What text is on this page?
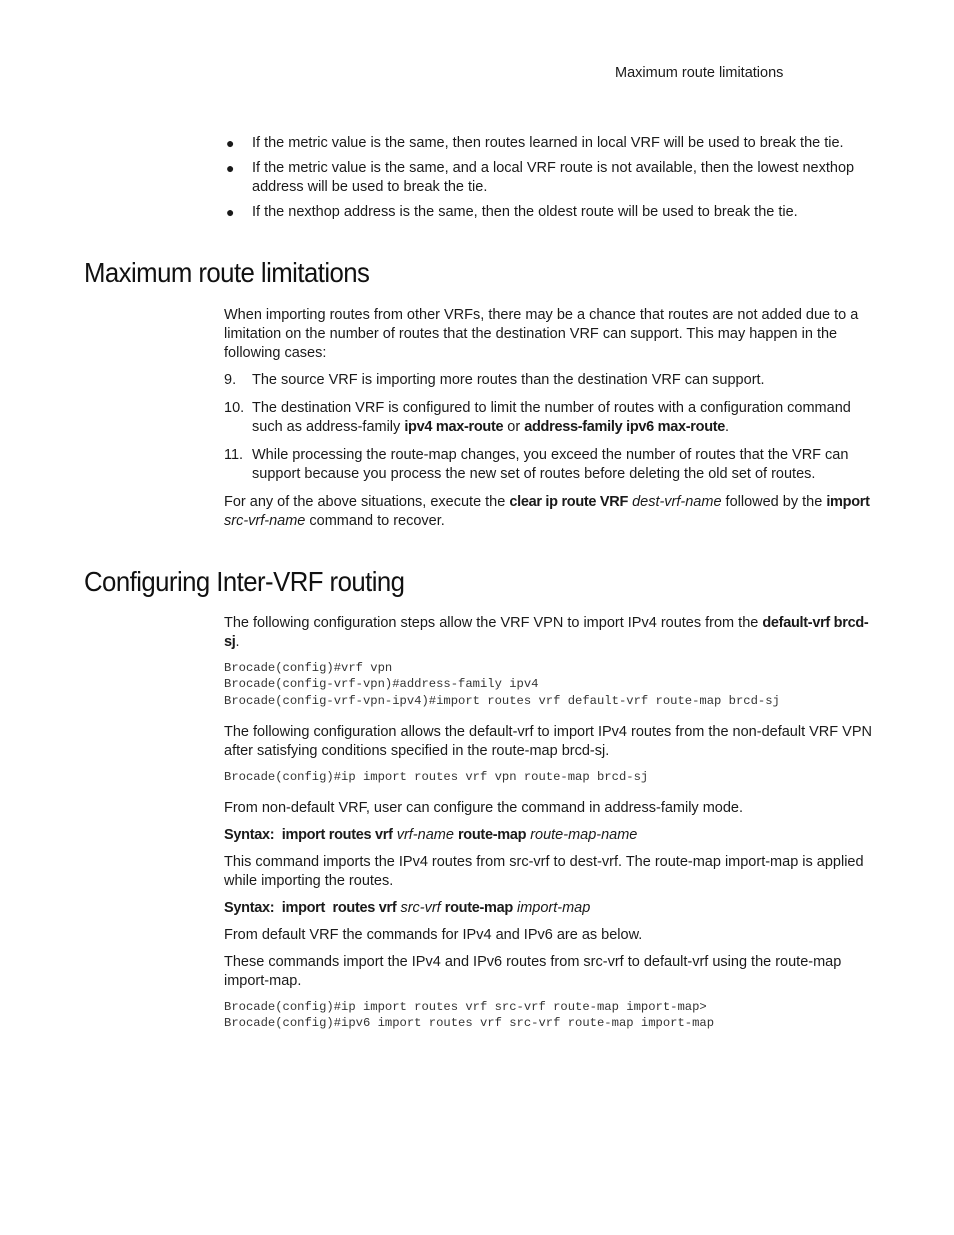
Maximum route limitations
● If the metric value is the same, then routes learned in local VRF will be used to break the tie.
● If the metric value is the same, and a local VRF route is not available, then the lowest nexthop address will be used to break the tie.
● If the nexthop address is the same, then the oldest route will be used to break the tie.
Maximum route limitations

When importing routes from other VRFs, there may be a chance that routes are not added due to a limitation on the number of routes that the destination VRF can support. This may happen in the following cases:

9. The source VRF is importing more routes than the destination VRF can support.
10. The destination VRF is configured to limit the number of routes with a configuration command such as address-family ipv4 max-route or address-family ipv6 max-route.
11. While processing the route-map changes, you exceed the number of routes that the VRF can support because you process the new set of routes before deleting the old set of routes.

For any of the above situations, execute the clear ip route VRF dest-vrf-name followed by the import src-vrf-name command to recover.

Configuring Inter-VRF routing

The following configuration steps allow the VRF VPN to import IPv4 routes from the default-vrf brcd-sj.

Brocade(config)#vrf vpn
Brocade(config-vrf-vpn)#address-family ipv4
Brocade(config-vrf-vpn-ipv4)#import routes vrf default-vrf route-map brcd-sj

The following configuration allows the default-vrf to import IPv4 routes from the non-default VRF VPN after satisfying conditions specified in the route-map brcd-sj.

Brocade(config)#ip import routes vrf vpn route-map brcd-sj

From non-default VRF, user can configure the command in address-family mode.

Syntax:  import routes vrf vrf-name route-map route-map-name

This command imports the IPv4 routes from src-vrf to dest-vrf. The route-map import-map is applied while importing the routes.

Syntax:  import  routes vrf src-vrf route-map import-map

From default VRF the commands for IPv4 and IPv6 are as below.

These commands import the IPv4 and IPv6 routes from src-vrf to default-vrf using the route-map import-map.

Brocade(config)#ip import routes vrf src-vrf route-map import-map>
Brocade(config)#ipv6 import routes vrf src-vrf route-map import-map
